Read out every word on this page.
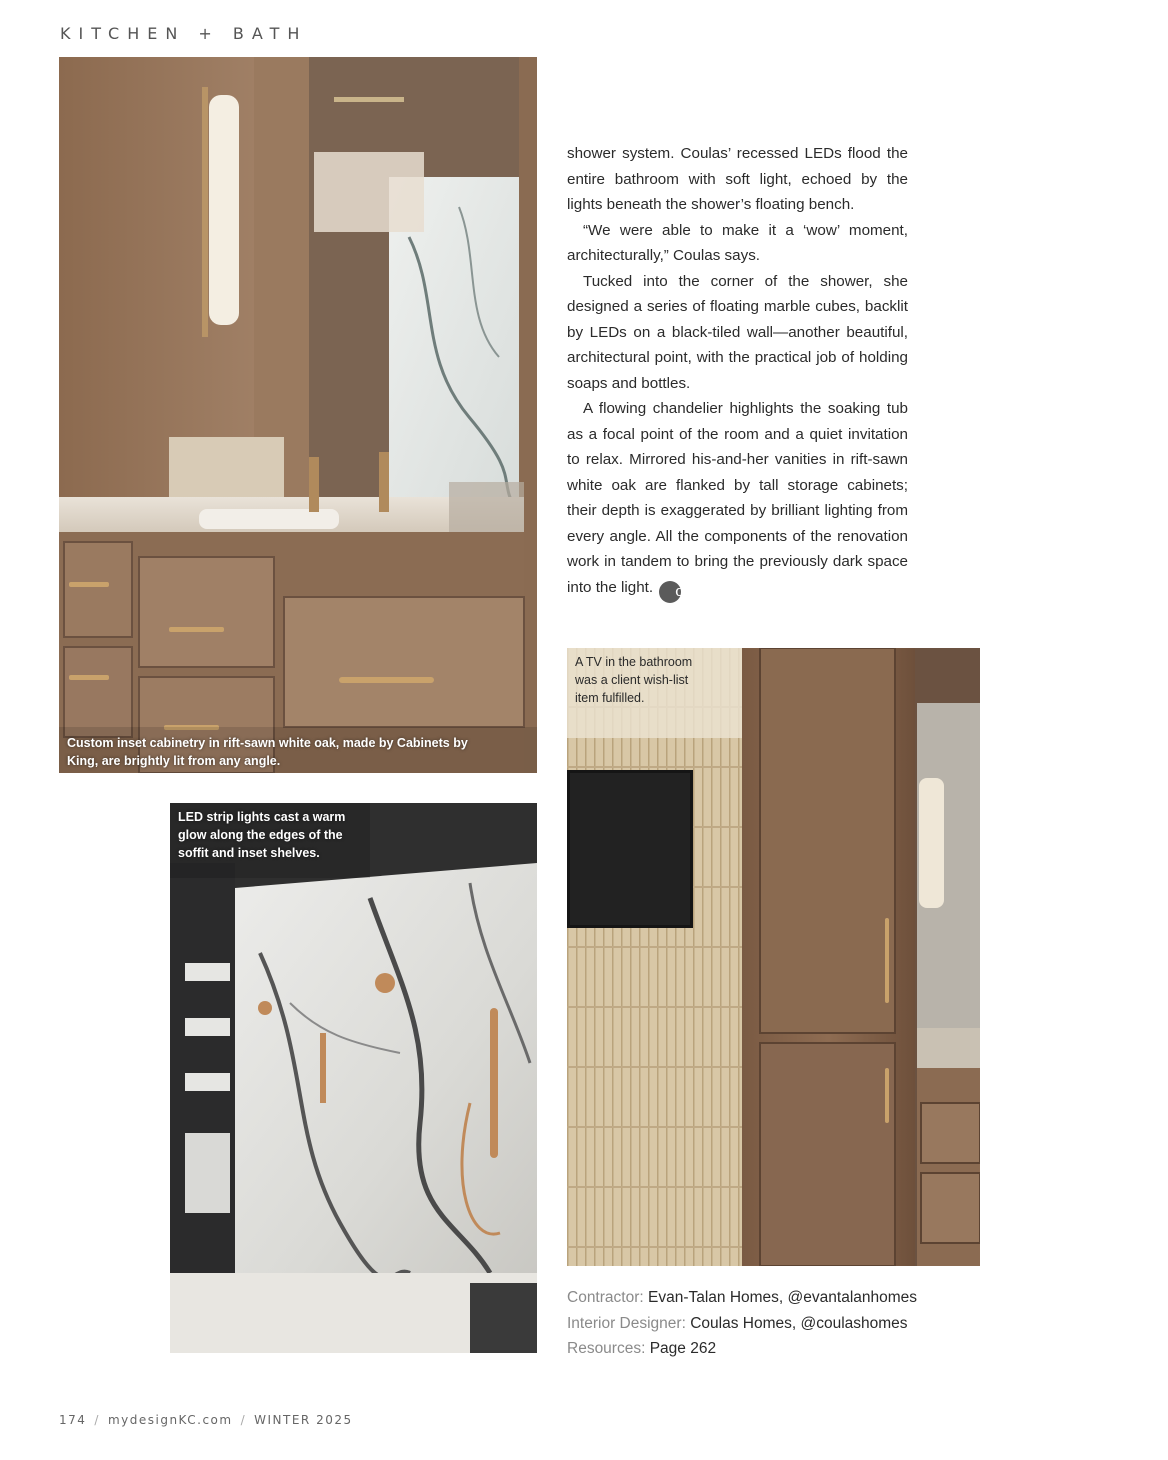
KITCHEN + BATH
Custom inset cabinetry in rift-sawn white oak, made by Cabinets by King, are brightly lit from any angle.
LED strip lights cast a warm glow along the edges of the soffit and inset shelves.
A TV in the bathroom was a client wish-list item fulfilled.

shower system. Coulas’ recessed LEDs flood the entire bathroom with soft light, echoed by the lights beneath the shower’s floating bench.

“We were able to make it a ‘wow’ moment, architecturally,” Coulas says.

Tucked into the corner of the shower, she designed a series of floating marble cubes, backlit by LEDs on a black-tiled wall—another beautiful, architectural point, with the practical job of holding soaps and bottles.

A flowing chandelier highlights the soaking tub as a focal point of the room and a quiet invitation to relax. Mirrored his-and-her vanities in rift-sawn white oak are flanked by tall storage cabinets; their depth is exaggerated by brilliant lighting from every angle. All the components of the renovation work in tandem to bring the previously dark space into the light. d

Contractor: Evan-Talan Homes, @evantalanhomes
Interior Designer: Coulas Homes, @coulashomes
Resources: Page 262
174 / mydesignKC.com / WINTER 2025
